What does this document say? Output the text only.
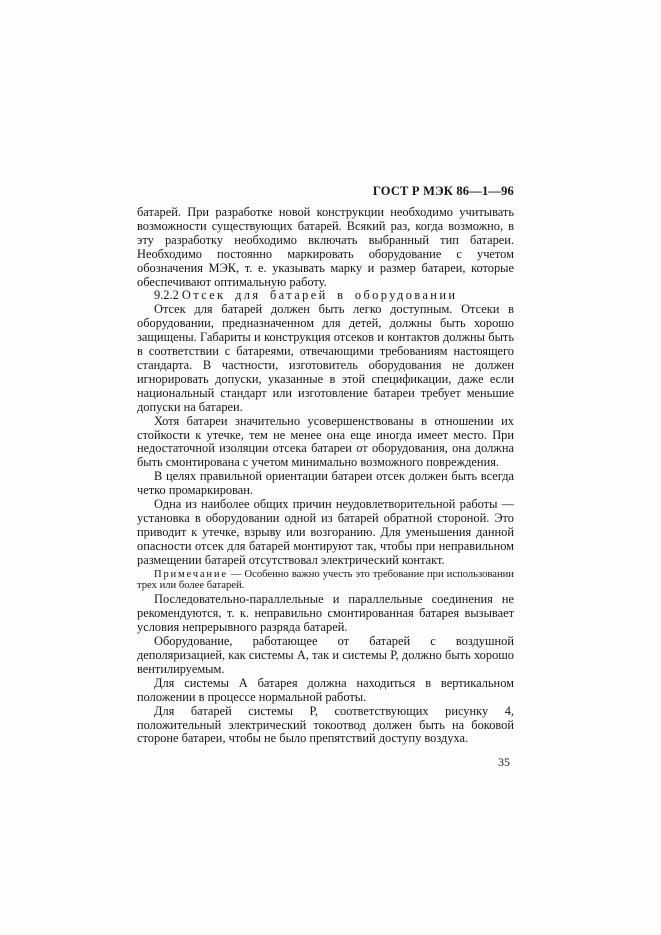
ГОСТ Р МЭК 86—1—96

батарей. При разработке новой конструкции необходимо учитывать возможности существующих батарей. Всякий раз, когда возможно, в эту разработку необходимо включать выбранный тип батареи. Необходимо постоянно маркировать оборудование с учетом обозначения МЭК, т. е. указывать марку и размер батареи, которые обеспечивают оптимальную работу.

9.2.2 Отсек для батарей в оборудовании

Отсек для батарей должен быть легко доступным. Отсеки в оборудовании, предназначенном для детей, должны быть хорошо защищены. Габариты и конструкция отсеков и контактов должны быть в соответствии с батареями, отвечающими требованиям настоящего стандарта. В частности, изготовитель оборудования не должен игнорировать допуски, указанные в этой спецификации, даже если национальный стандарт или изготовление батареи требует меньшие допуски на батареи.

Хотя батареи значительно усовершенствованы в отношении их стойкости к утечке, тем не менее она еще иногда имеет место. При недостаточной изоляции отсека батареи от оборудования, она должна быть смонтирована с учетом минимально возможного повреждения.

В целях правильной ориентации батареи отсек должен быть всегда четко промаркирован.

Одна из наиболее общих причин неудовлетворительной работы — установка в оборудовании одной из батарей обратной стороной. Это приводит к утечке, взрыву или возгоранию. Для уменьшения данной опасности отсек для батарей монтируют так, чтобы при неправильном размещении батарей отсутствовал электрический контакт.

Примечание — Особенно важно учесть это требование при использовании трех или более батарей.

Последовательно-параллельные и параллельные соединения не рекомендуются, т. к. неправильно смонтированная батарея вызывает условия непрерывного разряда батарей.

Оборудование, работающее от батарей с воздушной деполяризацией, как системы А, так и системы Р, должно быть хорошо вентилируемым.

Для системы А батарея должна находиться в вертикальном положении в процессе нормальной работы.

Для батарей системы Р, соответствующих рисунку 4, положительный электрический токоотвод должен быть на боковой стороне батареи, чтобы не было препятствий доступу воздуха.

35
